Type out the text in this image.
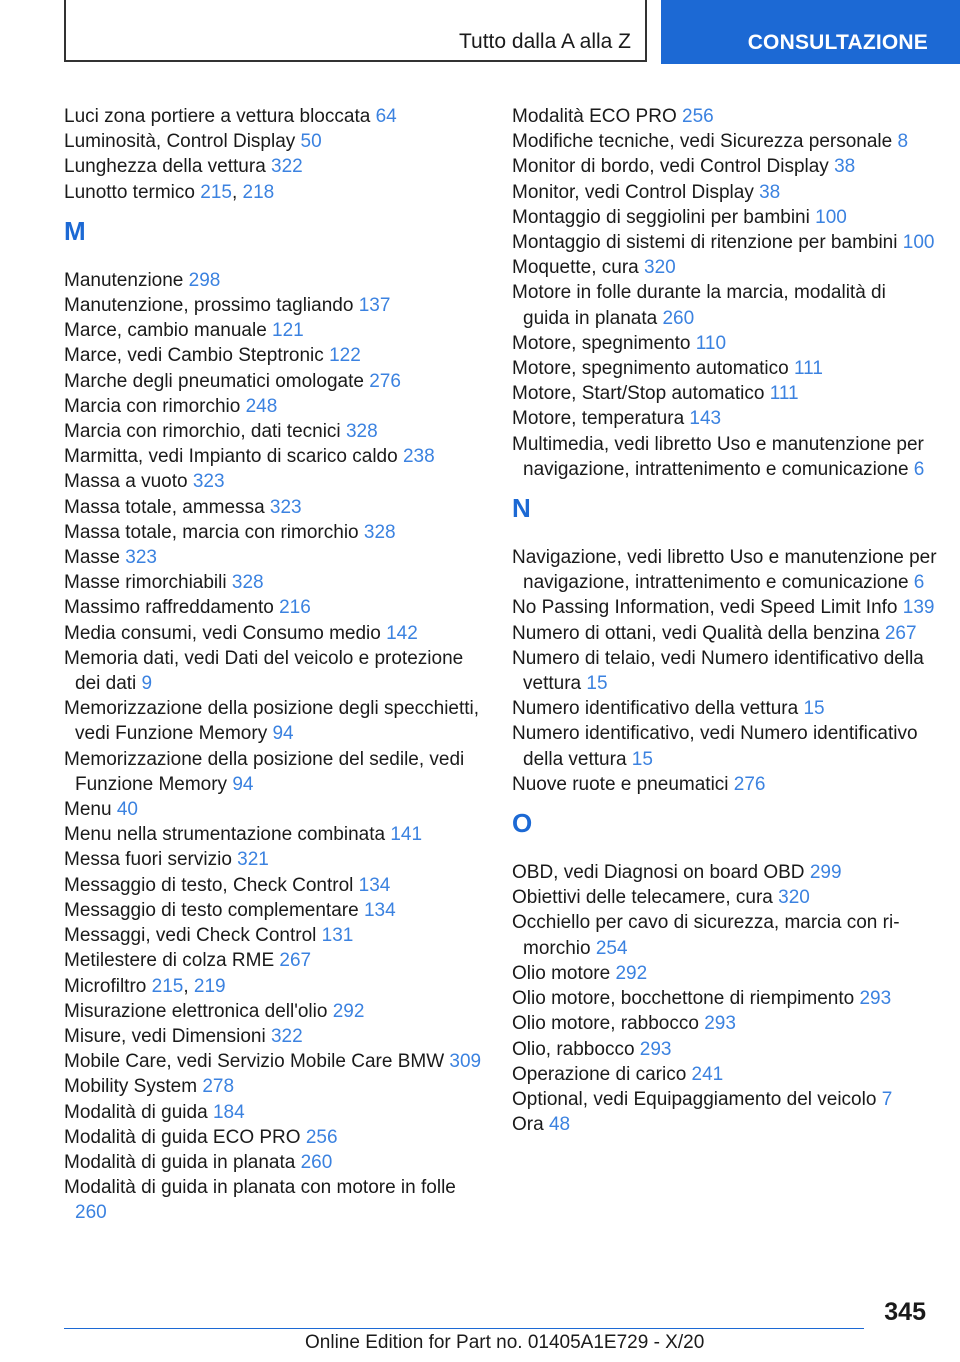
Tutto dalla A alla Z	CONSULTAZIONE

Luci zona portiere a vettura bloccata 64

Luminosità, Control Display 50

Lunghezza della vettura 322

Lunotto termico 215, 218

M

Manutenzione 298

Manutenzione, prossimo tagliando 137

Marce, cambio manuale 121

Marce, vedi Cambio Steptronic 122

Marche degli pneumatici omologate 276

Marcia con rimorchio 248

Marcia con rimorchio, dati tecnici 328

Marmitta, vedi Impianto di scarico caldo 238

Massa a vuoto 323

Massa totale, ammessa 323

Massa totale, marcia con rimorchio 328

Masse 323

Masse rimorchiabili 328

Massimo raffreddamento 216

Media consumi, vedi Consumo medio 142

Memoria dati, vedi Dati del veicolo e protezione dei dati 9

Memorizzazione della posizione degli specchietti, vedi Funzione Memory 94

Memorizzazione della posizione del sedile, vedi Funzione Memory 94

Menu 40

Menu nella strumentazione combinata 141

Messa fuori servizio 321

Messaggio di testo, Check Control 134

Messaggio di testo complementare 134

Messaggi, vedi Check Control 131

Metilestere di colza RME 267

Microfiltro 215, 219

Misurazione elettronica dell'olio 292

Misure, vedi Dimensioni 322

Mobile Care, vedi Servizio Mobile Care BMW 309

Mobility System 278

Modalità di guida 184

Modalità di guida ECO PRO 256

Modalità di guida in planata 260

Modalità di guida in planata con motore in folle 260

Modalità ECO PRO 256

Modifiche tecniche, vedi Sicurezza personale 8

Monitor di bordo, vedi Control Display 38

Monitor, vedi Control Display 38

Montaggio di seggiolini per bambini 100

Montaggio di sistemi di ritenzione per bambini 100

Moquette, cura 320

Motore in folle durante la marcia, modalità di guida in planata 260

Motore, spegnimento 110

Motore, spegnimento automatico 111

Motore, Start/Stop automatico 111

Motore, temperatura 143

Multimedia, vedi libretto Uso e manutenzione per navigazione, intrattenimento e comunicazione 6

N

Navigazione, vedi libretto Uso e manutenzione per navigazione, intrattenimento e comunicazione 6

No Passing Information, vedi Speed Limit Info 139

Numero di ottani, vedi Qualità della benzina 267

Numero di telaio, vedi Numero identificativo della vettura 15

Numero identificativo della vettura 15

Numero identificativo, vedi Numero identificativo della vettura 15

Nuove ruote e pneumatici 276

O

OBD, vedi Diagnosi on board OBD 299

Obiettivi delle telecamere, cura 320

Occhiello per cavo di sicurezza, marcia con rimorchio 254

Olio motore 292

Olio motore, bocchettone di riempimento 293

Olio motore, rabbocco 293

Olio, rabbocco 293

Operazione di carico 241

Optional, vedi Equipaggiamento del veicolo 7

Ora 48

345
Online Edition for Part no. 01405A1E729 - X/20
